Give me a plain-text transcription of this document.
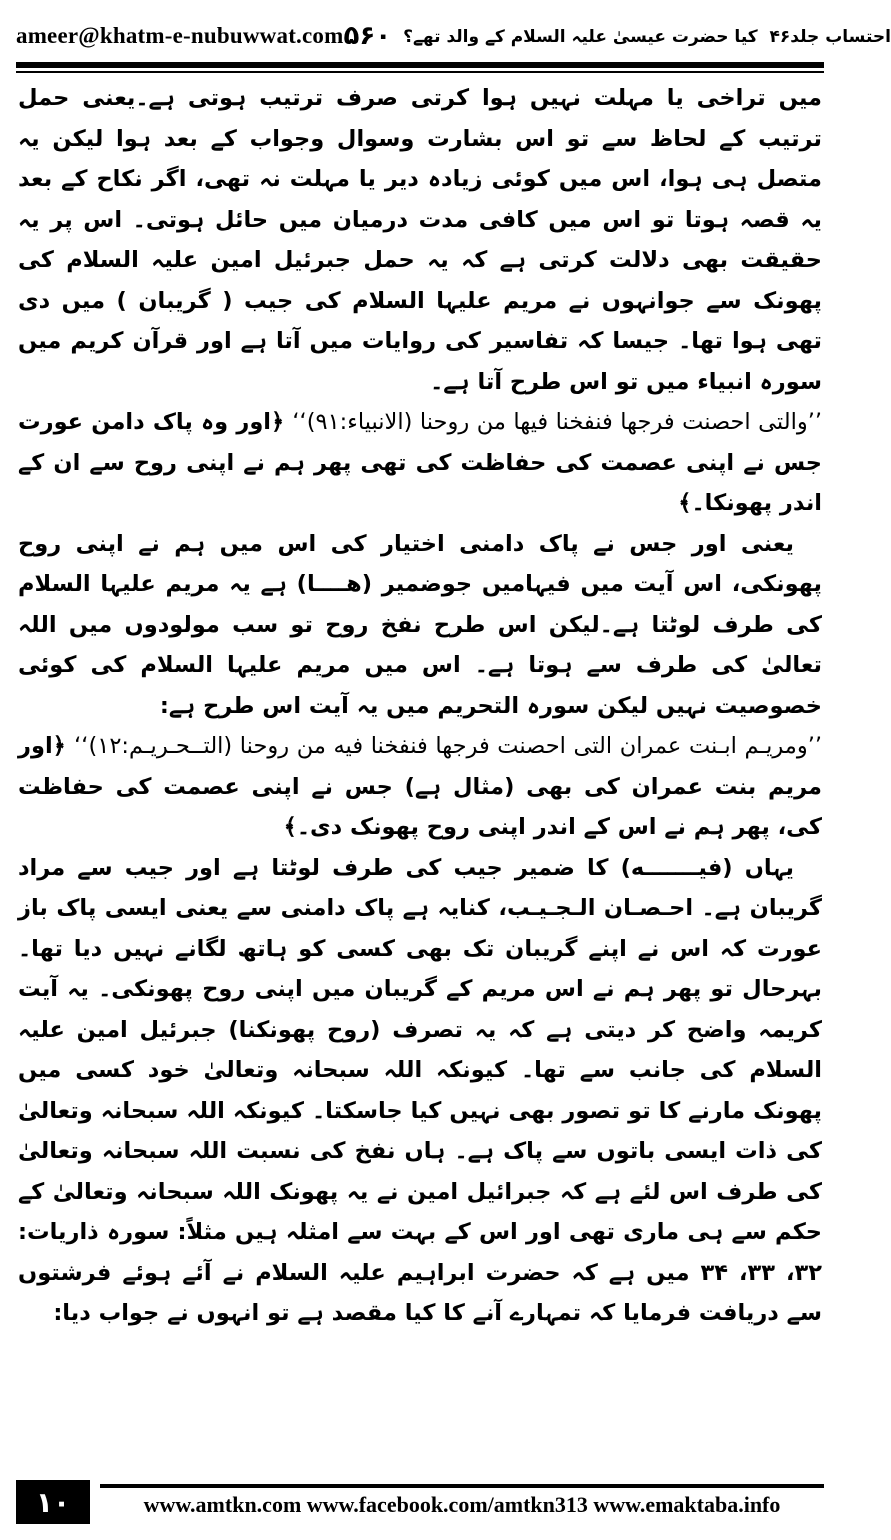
ameer@khatm-e-nubuwwat.com	احتساب جلد۴۶ ‏کیا حضرت عیسیٰ علیہ السلام کے والد تھے؟
۵۶۰

میں تراخی یا مہلت نہیں ہوا کرتی صرف ترتیب ہوتی ہے۔یعنی حمل ترتیب کے لحاظ سے تو اس بشارت وسوال وجواب کے بعد ہوا لیکن یہ متصل ہی ہوا، اس میں کوئی زیادہ دیر یا مہلت نہ تھی، اگر نکاح کے بعد یہ قصہ ہوتا تو اس میں کافی مدت درمیان میں حائل ہوتی۔ اس پر یہ حقیقت بھی دلالت کرتی ہے کہ یہ حمل جبرئیل امین علیہ السلام کی پھونک سے جوانہوں نے مریم علیہا السلام کی جیب ( گریبان ) میں دی تھی ہوا تھا۔ جیسا کہ تفاسیر کی روایات میں آتا ہے اور قرآن کریم میں سورہ انبیاء میں تو اس طرح آتا ہے۔

’’والتی احصنت فرجها فنفخنا فيها من روحنا (الانبیاء:۹۱)‘‘ ﴿اور وہ پاک دامن عورت جس نے اپنی عصمت کی حفاظت کی تھی پھر ہم نے اپنی روح سے ان کے اندر پھونکا۔﴾

یعنی اور جس نے پاک دامنی اختیار کی اس میں ہم نے اپنی روح پھونکی، اس آیت میں فیہامیں جوضمیر (ھــــا) ہے یہ مریم علیہا السلام کی طرف لوٹتا ہے۔لیکن اس طرح نفخ روح تو سب مولودوں میں اللہ تعالیٰ کی طرف سے ہوتا ہے۔ اس میں مریم علیہا السلام کی کوئی خصوصیت نہیں لیکن سورہ التحریم میں یہ آیت اس طرح ہے:

’’ومريـم ابـنت عمران التی احصنت فرجها فنفخنا فيه من روحنا (التــحـريـم:۱۲)‘‘ ﴿اور مریم بنت عمران کی بھی (مثال ہے) جس نے اپنی عصمت کی حفاظت کی، پھر ہم نے اس کے اندر اپنی روح پھونک دی۔﴾

یہاں (فیـــــــه) کا ضمیر جیب کی طرف لوٹتا ہے اور جیب سے مراد گریبان ہے۔ احـصـان الـجـيـب، کنایہ ہے پاک دامنی سے یعنی ایسی پاک باز عورت کہ اس نے اپنے گریبان تک بھی کسی کو ہاتھ لگانے نہیں دیا تھا۔ بہرحال تو پھر ہم نے اس مریم کے گریبان میں اپنی روح پھونکی۔ یہ آیت کریمہ واضح کر دیتی ہے کہ یہ تصرف (روح پھونکنا) جبرئیل امین علیہ السلام کی جانب سے تھا۔ کیونکہ اللہ سبحانہ وتعالیٰ خود کسی میں پھونک مارنے کا تو تصور بھی نہیں کیا جاسکتا۔ کیونکہ اللہ سبحانہ وتعالیٰ کی ذات ایسی باتوں سے پاک ہے۔ ہاں نفخ کی نسبت اللہ سبحانہ وتعالیٰ کی طرف اس لئے ہے کہ جبرائیل امین نے یہ پھونک اللہ سبحانہ وتعالیٰ کے حکم سے ہی ماری تھی اور اس کے بہت سے امثلہ ہیں مثلاً: سورہ ذاریات: ۳۲، ۳۳، ۳۴ میں ہے کہ حضرت ابراہیم علیہ السلام نے آئے ہوئے فرشتوں سے دریافت فرمایا کہ تمہارے آنے کا کیا مقصد ہے تو انہوں نے جواب دیا:

۱۰	www.amtkn.com www.facebook.com/amtkn313 www.emaktaba.info
